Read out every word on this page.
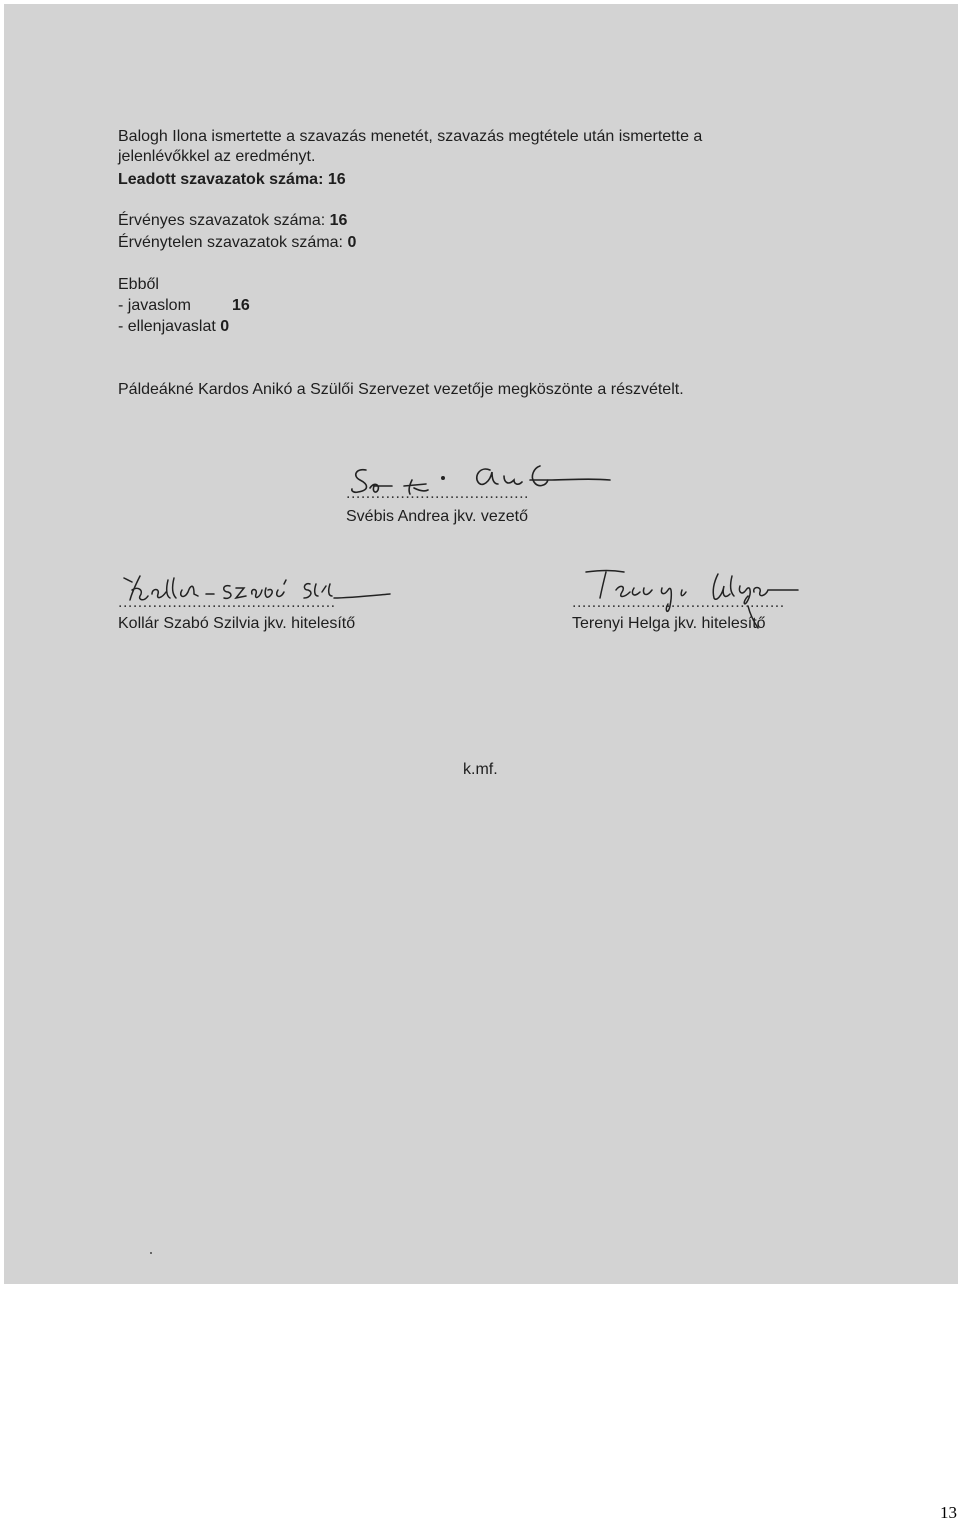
Balogh Ilona ismertette a szavazás menetét, szavazás megtétele után ismertette a
jelenlévőkkel az eredményt.
Leadott szavazatok száma: 16
Érvényes szavazatok száma: 16
Érvénytelen szavazatok száma: 0
Ebből
- javaslom	16
- ellenjavaslat 0
Páldeákné Kardos Anikó a Szülői Szervezet vezetője megköszönte a részvételt.
.....................................
Svébis Andrea jkv. vezető
............................................
Kollár Szabó Szilvia jkv. hitelesítő
...........................................
Terenyi Helga jkv. hitelesítő
k.mf.
13
